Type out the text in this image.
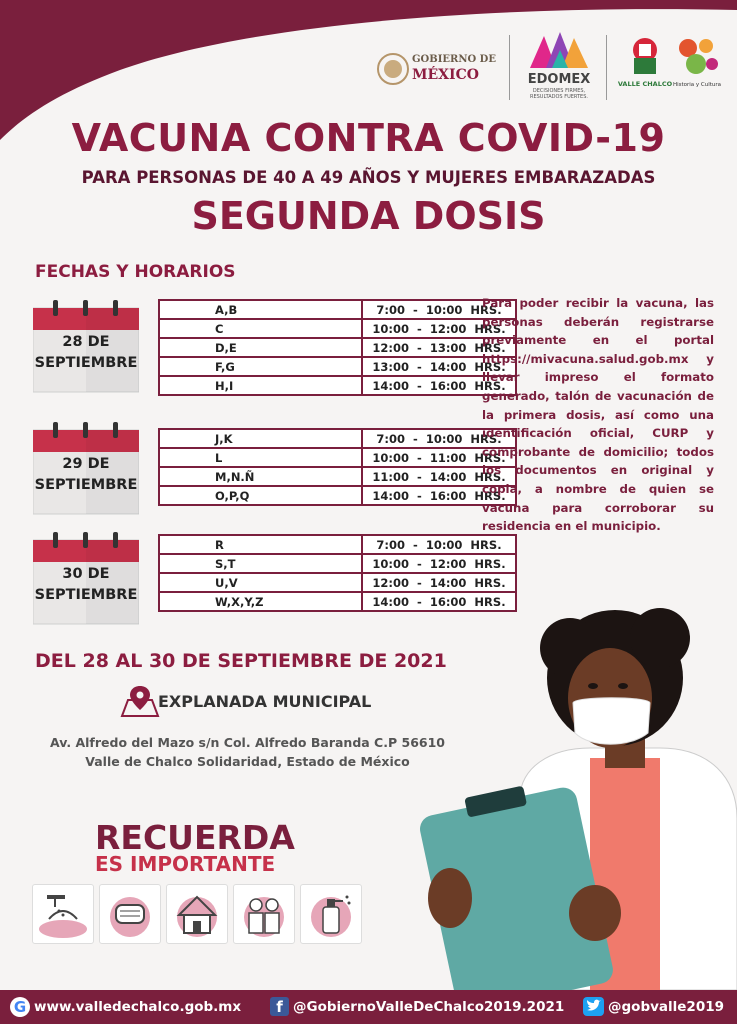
GOBIERNO DE
MÉXICO	EDOMEX
DECISIONES FIRMES, RESULTADOS FUERTES.
VALLE CHALCO Historia y Cultura
VACUNA CONTRA COVID-19
PARA PERSONAS DE 40 A 49 AÑOS Y MUJERES EMBARAZADAS
SEGUNDA DOSIS
FECHAS Y HORARIOS
28 DE
SEPTIEMBRE
29 DE
SEPTIEMBRE
30 DE
SEPTIEMBRE
A,B	7:00  -  10:00  HRS.
C	10:00  -  12:00  HRS.
D,E	12:00  -  13:00  HRS.
F,G	13:00  -  14:00  HRS.
H,I	14:00  -  16:00  HRS.
J,K	7:00  -  10:00  HRS.
L	10:00  -  11:00  HRS.
M,N.Ñ	11:00  -  14:00  HRS.
O,P,Q	14:00  -  16:00  HRS.
R	7:00  -  10:00  HRS.
S,T	10:00  -  12:00  HRS.
U,V	12:00  -  14:00  HRS.
W,X,Y,Z	14:00  -  16:00  HRS.
Para poder recibir la vacuna, las personas deberán registrarse previamente en el portal https://mivacuna.salud.gob.mx y llevar impreso el formato generado, talón de vacunación de la primera dosis, así como una identificación oficial, CURP y comprobante de domicilio; todos los documentos en original y copia, a nombre de quien se vacuna para corroborar su residencia en el municipio.
DEL 28 AL 30 DE SEPTIEMBRE DE 2021
EXPLANADA MUNICIPAL
Av. Alfredo del Mazo s/n Col. Alfredo Baranda C.P 56610
Valle de Chalco Solidaridad, Estado de México
RECUERDA
ES IMPORTANTE
G www.valledechalco.gob.mx	f @GobiernoValleDeChalco2019.2021	@gobvalle2019
